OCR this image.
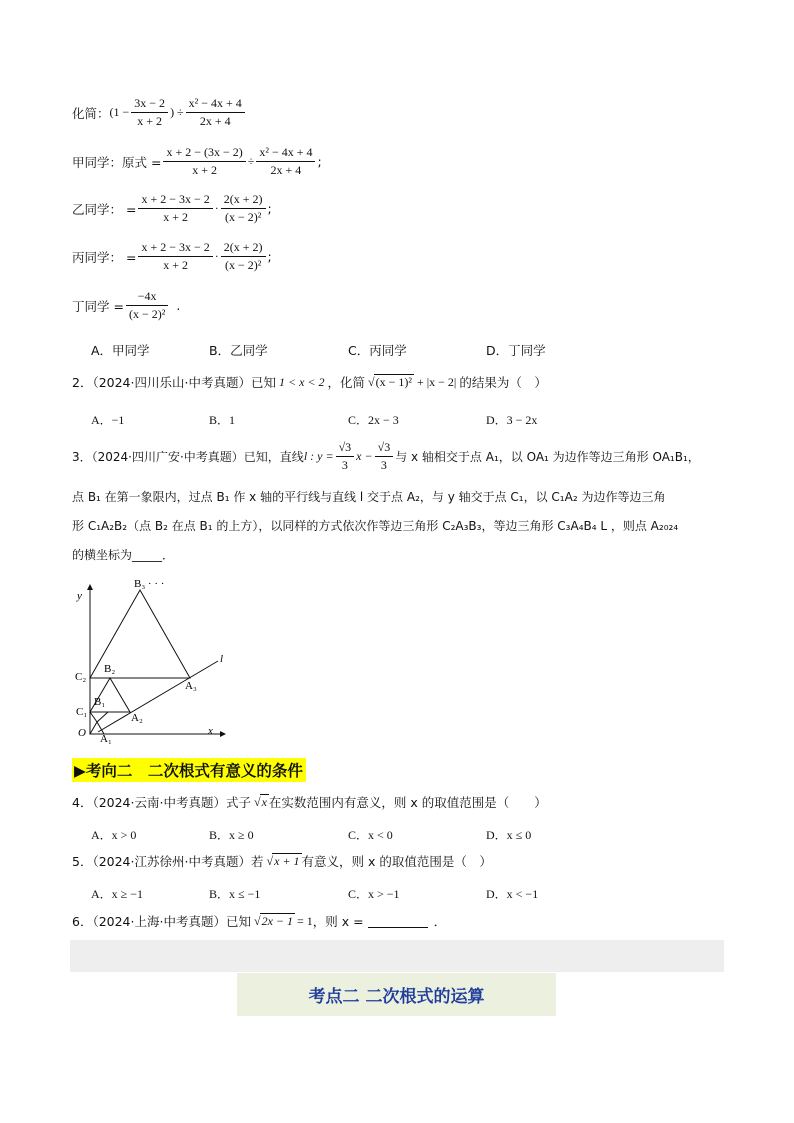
化简： ($1 - \frac{3x - 2}{x + 2}$ ) ÷ $\frac{\text{x² − 4x + 4}}{2x + 4}$
甲同学：原式 = $\frac{x + 2 - (3x - 2)}{x + 2} \div \frac{\text{x² − 4x + 4}}{2x + 4}$ ;
乙同学： = $\frac{x + 2 - 3x - 2}{x + 2} \cdot \frac{2(x + 2)}{\text{(x − 2)²}}$ ;
丙同学： = $\frac{x + 2 - 3x - 2}{x + 2} \cdot \frac{2(x + 2)}{\text{(x − 2)²}}$ ;
丁同学 = $\frac{-4x}{\text{(x − 2)²}}$ .
A．甲同学	B．乙同学	C．丙同学	D．丁同学
2．（2024·四川乐山·中考真题）已知 1 < x < 2 ，化简 √ (x − 1)² + |x − 2| 的结果为（　）
A．−1	B．1	C．2x − 3	D．3 − 2x
3．（2024·四川广安·中考真题）已知，直线 l : $y = \frac{√3}{3}$ $x - \frac{√3}{3}$ 与 x 轴相交于点 A₁，以 OA₁ 为边作等边三角形 OA₁B₁，
点 B₁ 在第一象限内，过点 B₁ 作 x 轴的平行线与直线 l 交于点 A₂，与 y 轴交于点 C₁，以 C₁A₂ 为边作等边三角
形 C₁A₂B₂（点 B₂ 在点 B₁ 的上方），以同样的方式依次作等边三角形 C₂A₃B₃，等边三角形 C₃A₄B₄ L ，则点 A₂₀₂₄
的横坐标为_____．
B₃ · · ·
y
l
C₂
B₂
A₃
C₁
B₁
A₂
O A₁
x
▶考向二　二次根式有意义的条件
4．（2024·云南·中考真题）式子 √ x 在实数范围内有意义，则 x 的取值范围是（　　）
A．x > 0	B．x ≥ 0	C．x < 0	D．x ≤ 0
5．（2024·江苏徐州·中考真题）若 √ x + 1 有意义，则 x 的取值范围是（　）
A．x ≥ −1	B．x ≤ −1	C．x > −1	D．x < −1
6．（2024·上海·中考真题）已知 √ 2x − 1 = 1 ，则 x =	．
考点二 二次根式的运算
